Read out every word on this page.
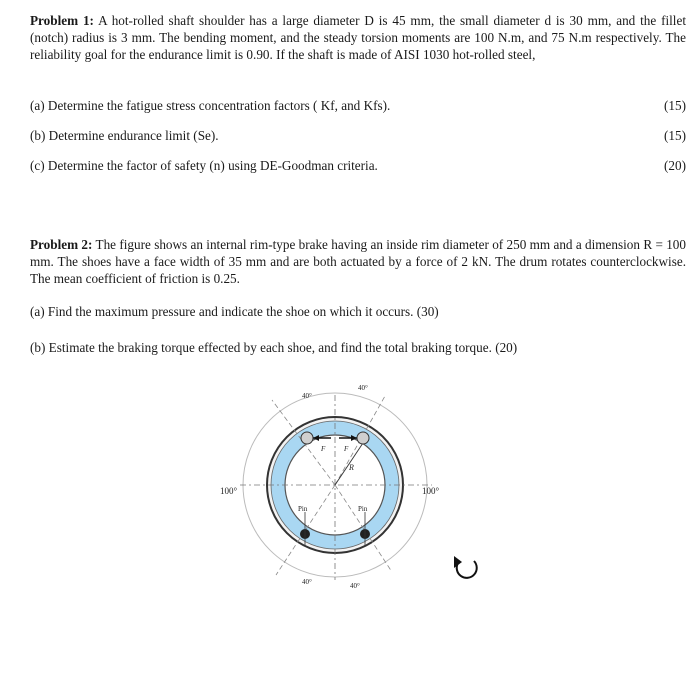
Problem 1: A hot-rolled shaft shoulder has a large diameter D is 45 mm, the small diameter d is 30 mm, and the fillet (notch) radius is 3 mm. The bending moment, and the steady torsion moments are 100 N.m, and 75 N.m respectively. The reliability goal for the endurance limit is 0.90. If the shaft is made of AISI 1030 hot-rolled steel,
(a) Determine the fatigue stress concentration factors ( Kf, and Kfs).	(15)
(b) Determine endurance limit (Se).	(15)
(c) Determine the factor of safety (n) using DE-Goodman criteria.	(20)
Problem 2: The figure shows an internal rim-type brake having an inside rim diameter of 250 mm and a dimension R = 100 mm. The shoes have a face width of 35 mm and are both actuated by a force of 2 kN. The drum rotates counterclockwise. The mean coefficient of friction is 0.25.
(a) Find the maximum pressure and indicate the shoe on which it occurs. (30)
(b) Estimate the braking torque effected by each shoe, and find the total braking torque. (20)
R
F	F
Pin	Pin
40°
40°
40°	40°
100°	100°
